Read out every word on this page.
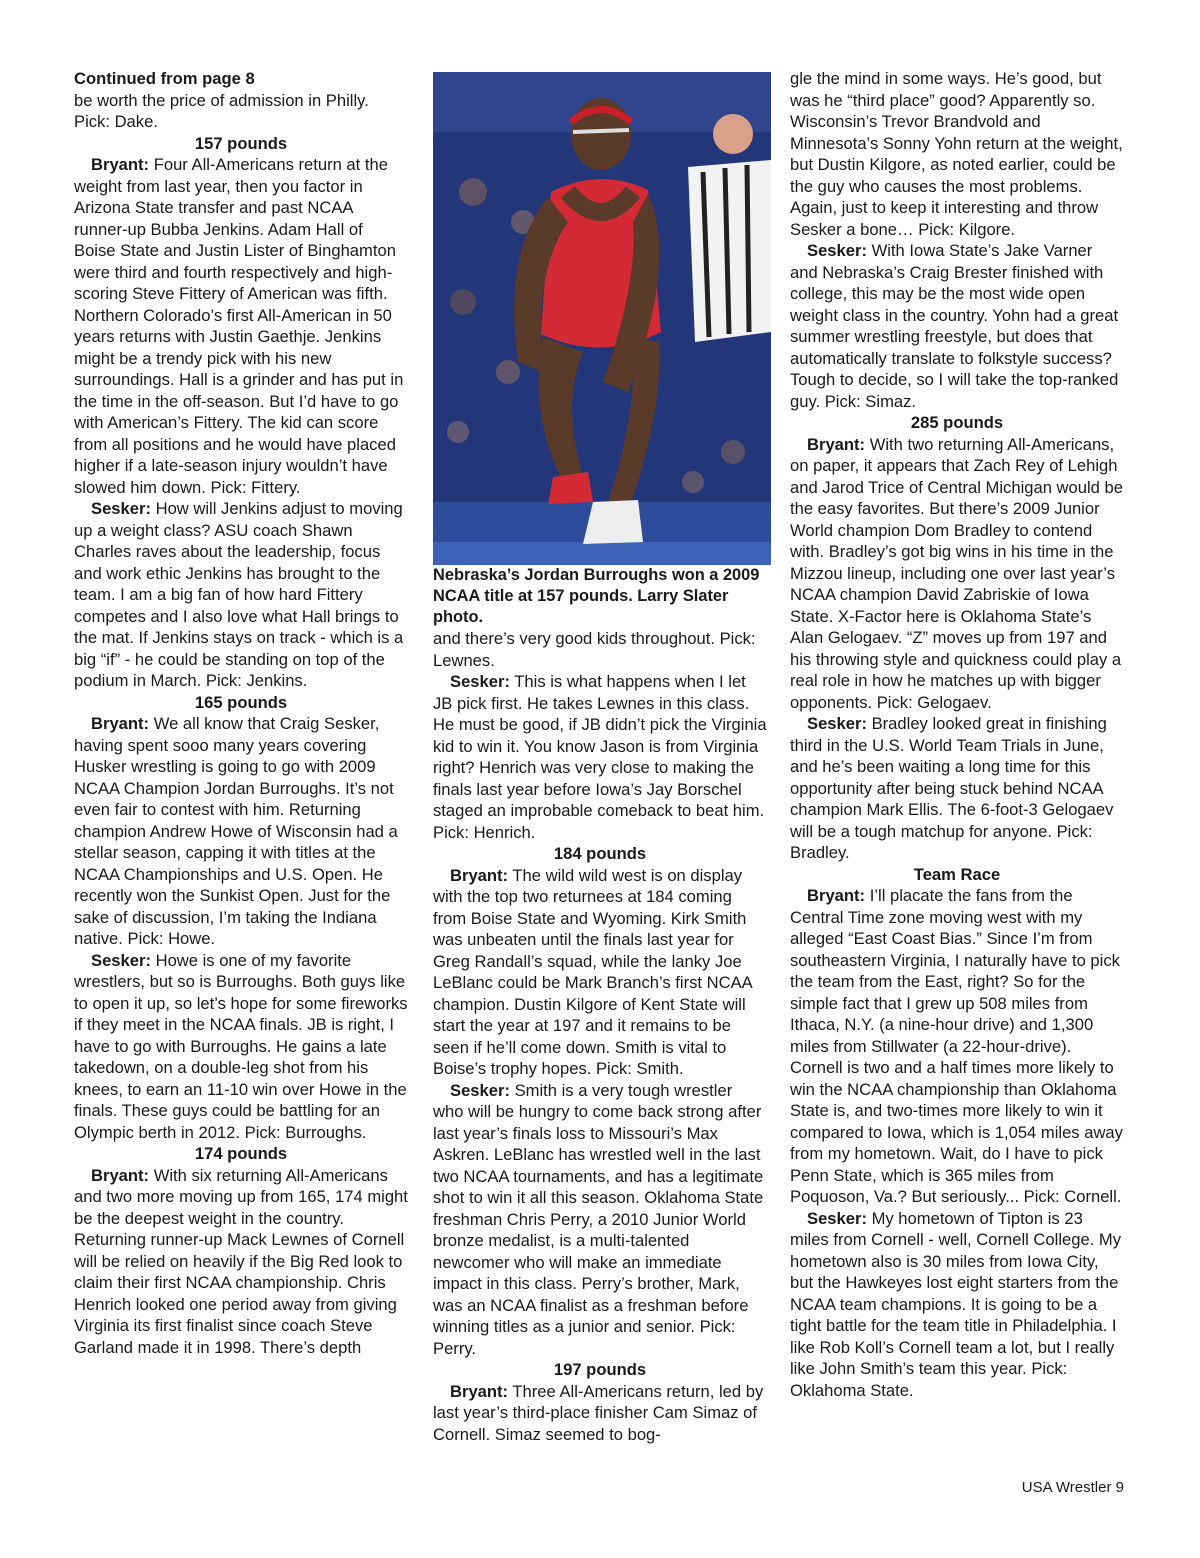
Continued from page 8
be worth the price of admission in Philly. Pick: Dake.

157 pounds

Bryant: Four All-Americans return at the weight from last year, then you factor in Arizona State transfer and past NCAA runner-up Bubba Jenkins. Adam Hall of Boise State and Justin Lister of Binghamton were third and fourth respectively and high-scoring Steve Fittery of American was fifth. Northern Colorado’s first All-American in 50 years returns with Justin Gaethje. Jenkins might be a trendy pick with his new surroundings. Hall is a grinder and has put in the time in the off-season. But I’d have to go with American’s Fittery. The kid can score from all positions and he would have placed higher if a late-season injury wouldn’t have slowed him down. Pick: Fittery.

Sesker: How will Jenkins adjust to moving up a weight class? ASU coach Shawn Charles raves about the leadership, focus and work ethic Jenkins has brought to the team. I am a big fan of how hard Fittery competes and I also love what Hall brings to the mat. If Jenkins stays on track - which is a big “if” - he could be standing on top of the podium in March. Pick: Jenkins.

165 pounds

Bryant: We all know that Craig Sesker, having spent sooo many years covering Husker wrestling is going to go with 2009 NCAA Champion Jordan Burroughs. It’s not even fair to contest with him. Returning champion Andrew Howe of Wisconsin had a stellar season, capping it with titles at the NCAA Championships and U.S. Open. He recently won the Sunkist Open. Just for the sake of discussion, I’m taking the Indiana native. Pick: Howe.

Sesker: Howe is one of my favorite wrestlers, but so is Burroughs. Both guys like to open it up, so let’s hope for some fireworks if they meet in the NCAA finals. JB is right, I have to go with Burroughs. He gains a late takedown, on a double-leg shot from his knees, to earn an 11-10 win over Howe in the finals. These guys could be battling for an Olympic berth in 2012. Pick: Burroughs.

174 pounds

Bryant: With six returning All-Americans and two more moving up from 165, 174 might be the deepest weight in the country. Returning runner-up Mack Lewnes of Cornell will be relied on heavily if the Big Red look to claim their first NCAA championship. Chris Henrich looked one period away from giving Virginia its first finalist since coach Steve Garland made it in 1998. There’s depth

Nebraska’s Jordan Burroughs won a 2009 NCAA title at 157 pounds. Larry Slater photo.

and there’s very good kids throughout. Pick: Lewnes.

Sesker: This is what happens when I let JB pick first. He takes Lewnes in this class. He must be good, if JB didn’t pick the Virginia kid to win it. You know Jason is from Virginia right? Henrich was very close to making the finals last year before Iowa’s Jay Borschel staged an improbable comeback to beat him. Pick: Henrich.

184 pounds

Bryant: The wild wild west is on display with the top two returnees at 184 coming from Boise State and Wyoming. Kirk Smith was unbeaten until the finals last year for Greg Randall’s squad, while the lanky Joe LeBlanc could be Mark Branch’s first NCAA champion. Dustin Kilgore of Kent State will start the year at 197 and it remains to be seen if he’ll come down. Smith is vital to Boise’s trophy hopes. Pick: Smith.

Sesker: Smith is a very tough wrestler who will be hungry to come back strong after last year’s finals loss to Missouri’s Max Askren. LeBlanc has wrestled well in the last two NCAA tournaments, and has a legitimate shot to win it all this season. Oklahoma State freshman Chris Perry, a 2010 Junior World bronze medalist, is a multi-talented newcomer who will make an immediate impact in this class. Perry’s brother, Mark, was an NCAA finalist as a freshman before winning titles as a junior and senior. Pick: Perry.

197 pounds

Bryant: Three All-Americans return, led by last year’s third-place finisher Cam Simaz of Cornell. Simaz seemed to bog-

gle the mind in some ways. He’s good, but was he “third place” good? Apparently so. Wisconsin’s Trevor Brandvold and Minnesota’s Sonny Yohn return at the weight, but Dustin Kilgore, as noted earlier, could be the guy who causes the most problems. Again, just to keep it interesting and throw Sesker a bone… Pick: Kilgore.

Sesker: With Iowa State’s Jake Varner and Nebraska’s Craig Brester finished with college, this may be the most wide open weight class in the country. Yohn had a great summer wrestling freestyle, but does that automatically translate to folkstyle success? Tough to decide, so I will take the top-ranked guy. Pick: Simaz.

285 pounds

Bryant: With two returning All-Americans, on paper, it appears that Zach Rey of Lehigh and Jarod Trice of Central Michigan would be the easy favorites. But there’s 2009 Junior World champion Dom Bradley to contend with. Bradley’s got big wins in his time in the Mizzou lineup, including one over last year’s NCAA champion David Zabriskie of Iowa State. X-Factor here is Oklahoma State’s Alan Gelogaev. “Z” moves up from 197 and his throwing style and quickness could play a real role in how he matches up with bigger opponents. Pick: Gelogaev.

Sesker: Bradley looked great in finishing third in the U.S. World Team Trials in June, and he’s been waiting a long time for this opportunity after being stuck behind NCAA champion Mark Ellis. The 6-foot-3 Gelogaev will be a tough matchup for anyone. Pick: Bradley.

Team Race

Bryant: I’ll placate the fans from the Central Time zone moving west with my alleged “East Coast Bias.” Since I’m from southeastern Virginia, I naturally have to pick the team from the East, right? So for the simple fact that I grew up 508 miles from Ithaca, N.Y. (a nine-hour drive) and 1,300 miles from Stillwater (a 22-hour-drive). Cornell is two and a half times more likely to win the NCAA championship than Oklahoma State is, and two-times more likely to win it compared to Iowa, which is 1,054 miles away from my hometown. Wait, do I have to pick Penn State, which is 365 miles from Poquoson, Va.? But seriously... Pick: Cornell.

Sesker: My hometown of Tipton is 23 miles from Cornell - well, Cornell College. My hometown also is 30 miles from Iowa City, but the Hawkeyes lost eight starters from the NCAA team champions. It is going to be a tight battle for the team title in Philadelphia. I like Rob Koll’s Cornell team a lot, but I really like John Smith’s team this year. Pick: Oklahoma State.

USA Wrestler 9
